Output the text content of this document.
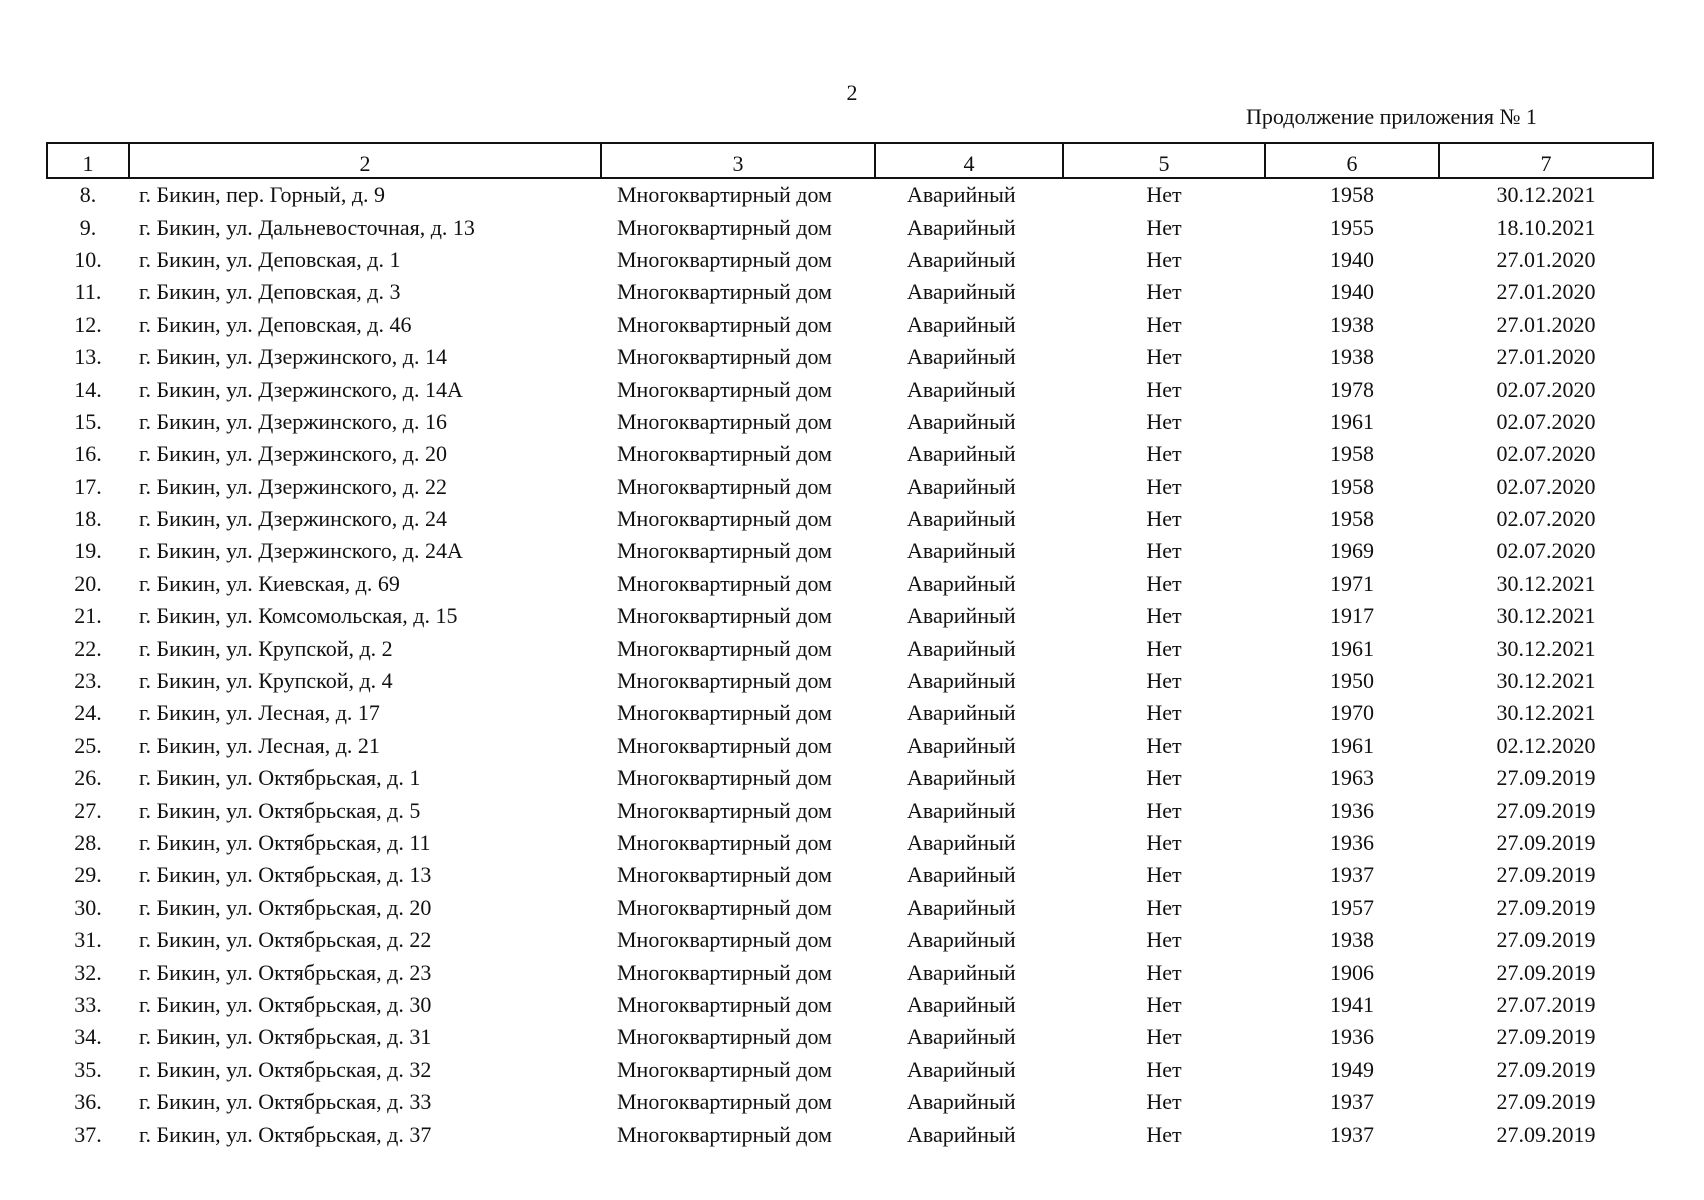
2
Продолжение приложения № 1
1	2	3	4	5	6	7
8.	г. Бикин, пер. Горный, д. 9	Многоквартирный дом	Аварийный	Нет	1958	30.12.2021
9.	г. Бикин, ул. Дальневосточная, д. 13	Многоквартирный дом	Аварийный	Нет	1955	18.10.2021
10.	г. Бикин, ул. Деповская, д. 1	Многоквартирный дом	Аварийный	Нет	1940	27.01.2020
11.	г. Бикин, ул. Деповская, д. 3	Многоквартирный дом	Аварийный	Нет	1940	27.01.2020
12.	г. Бикин, ул. Деповская, д. 46	Многоквартирный дом	Аварийный	Нет	1938	27.01.2020
13.	г. Бикин, ул. Дзержинского, д. 14	Многоквартирный дом	Аварийный	Нет	1938	27.01.2020
14.	г. Бикин, ул. Дзержинского, д. 14А	Многоквартирный дом	Аварийный	Нет	1978	02.07.2020
15.	г. Бикин, ул. Дзержинского, д. 16	Многоквартирный дом	Аварийный	Нет	1961	02.07.2020
16.	г. Бикин, ул. Дзержинского, д. 20	Многоквартирный дом	Аварийный	Нет	1958	02.07.2020
17.	г. Бикин, ул. Дзержинского, д. 22	Многоквартирный дом	Аварийный	Нет	1958	02.07.2020
18.	г. Бикин, ул. Дзержинского, д. 24	Многоквартирный дом	Аварийный	Нет	1958	02.07.2020
19.	г. Бикин, ул. Дзержинского, д. 24А	Многоквартирный дом	Аварийный	Нет	1969	02.07.2020
20.	г. Бикин, ул. Киевская, д. 69	Многоквартирный дом	Аварийный	Нет	1971	30.12.2021
21.	г. Бикин, ул. Комсомольская, д. 15	Многоквартирный дом	Аварийный	Нет	1917	30.12.2021
22.	г. Бикин, ул. Крупской, д. 2	Многоквартирный дом	Аварийный	Нет	1961	30.12.2021
23.	г. Бикин, ул. Крупской, д. 4	Многоквартирный дом	Аварийный	Нет	1950	30.12.2021
24.	г. Бикин, ул. Лесная, д. 17	Многоквартирный дом	Аварийный	Нет	1970	30.12.2021
25.	г. Бикин, ул. Лесная, д. 21	Многоквартирный дом	Аварийный	Нет	1961	02.12.2020
26.	г. Бикин, ул. Октябрьская, д. 1	Многоквартирный дом	Аварийный	Нет	1963	27.09.2019
27.	г. Бикин, ул. Октябрьская, д. 5	Многоквартирный дом	Аварийный	Нет	1936	27.09.2019
28.	г. Бикин, ул. Октябрьская, д. 11	Многоквартирный дом	Аварийный	Нет	1936	27.09.2019
29.	г. Бикин, ул. Октябрьская, д. 13	Многоквартирный дом	Аварийный	Нет	1937	27.09.2019
30.	г. Бикин, ул. Октябрьская, д. 20	Многоквартирный дом	Аварийный	Нет	1957	27.09.2019
31.	г. Бикин, ул. Октябрьская, д. 22	Многоквартирный дом	Аварийный	Нет	1938	27.09.2019
32.	г. Бикин, ул. Октябрьская, д. 23	Многоквартирный дом	Аварийный	Нет	1906	27.09.2019
33.	г. Бикин, ул. Октябрьская, д. 30	Многоквартирный дом	Аварийный	Нет	1941	27.07.2019
34.	г. Бикин, ул. Октябрьская, д. 31	Многоквартирный дом	Аварийный	Нет	1936	27.09.2019
35.	г. Бикин, ул. Октябрьская, д. 32	Многоквартирный дом	Аварийный	Нет	1949	27.09.2019
36.	г. Бикин, ул. Октябрьская, д. 33	Многоквартирный дом	Аварийный	Нет	1937	27.09.2019
37.	г. Бикин, ул. Октябрьская, д. 37	Многоквартирный дом	Аварийный	Нет	1937	27.09.2019
